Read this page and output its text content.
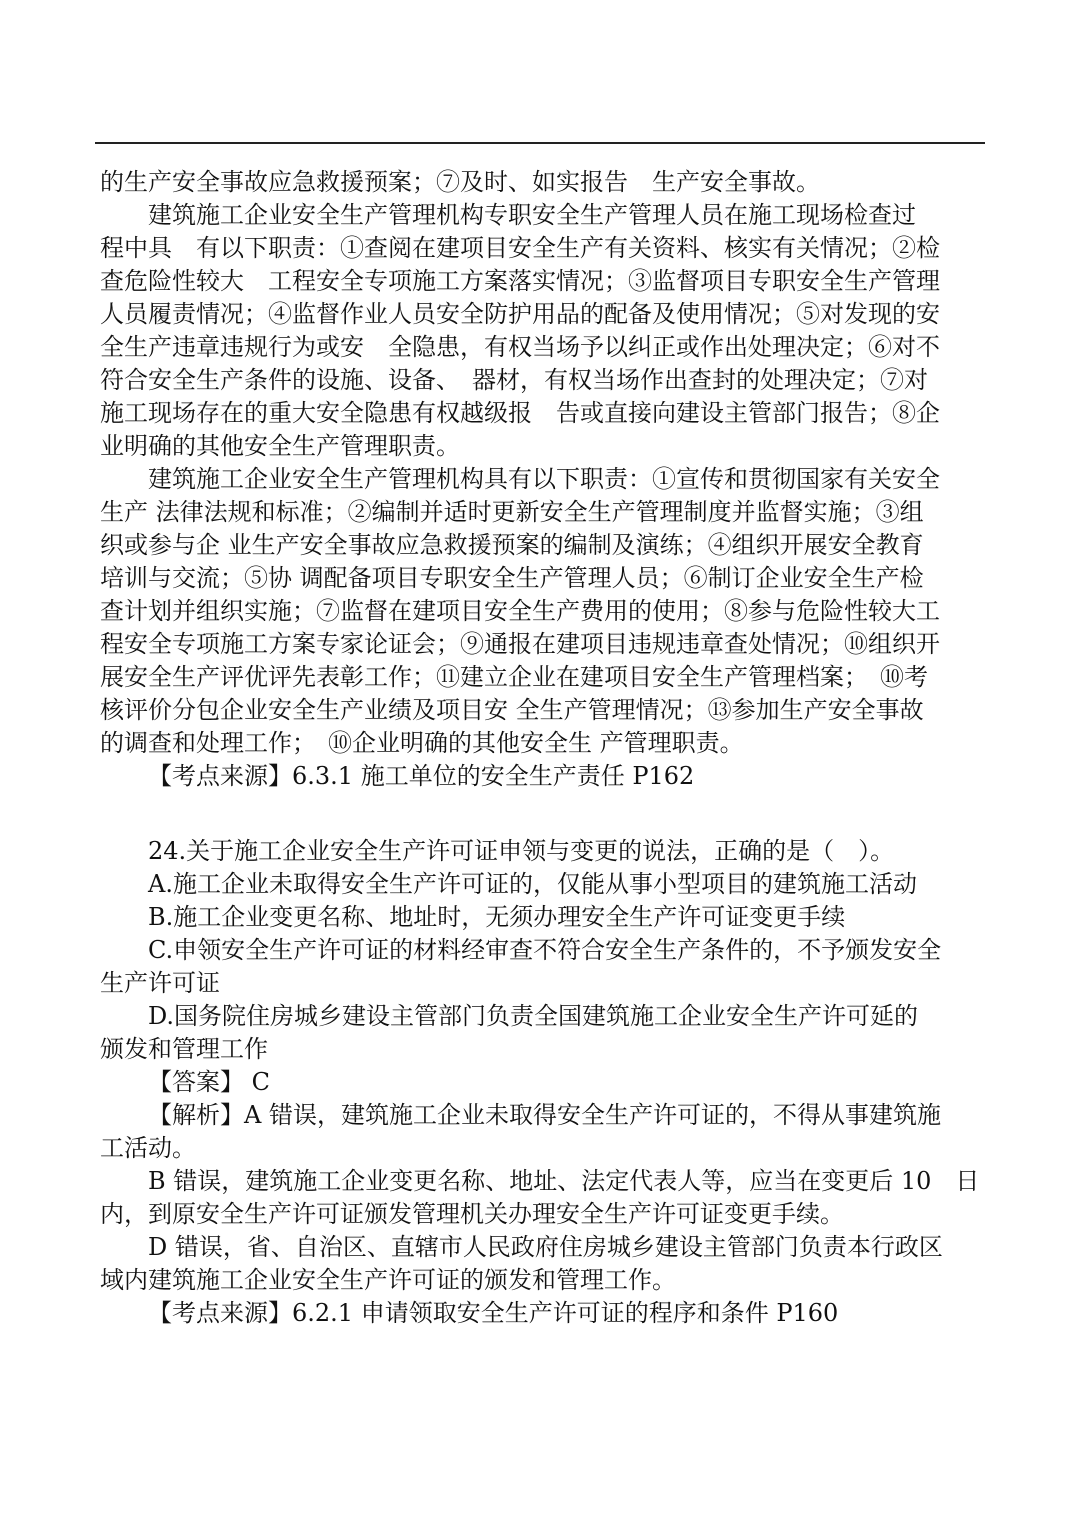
的生产安全事故应急救援预案；⑦及时、如实报告　生产安全事故。
建筑施工企业安全生产管理机构专职安全生产管理人员在施工现场检查过
程中具　有以下职责：①查阅在建项目安全生产有关资料、核实有关情况；②检
查危险性较大　工程安全专项施工方案落实情况；③监督项目专职安全生产管理
人员履责情况；④监督作业人员安全防护用品的配备及使用情况；⑤对发现的安
全生产违章违规行为或安　全隐患，有权当场予以纠正或作出处理决定；⑥对不
符合安全生产条件的设施、设备、　器材，有权当场作出查封的处理决定；⑦对
施工现场存在的重大安全隐患有权越级报　告或直接向建设主管部门报告；⑧企
业明确的其他安全生产管理职责。
建筑施工企业安全生产管理机构具有以下职责：①宣传和贯彻国家有关安全
生产 法律法规和标准；②编制并适时更新安全生产管理制度并监督实施；③组
织或参与企 业生产安全事故应急救援预案的编制及演练；④组织开展安全教育
培训与交流；⑤协 调配备项目专职安全生产管理人员；⑥制订企业安全生产检
查计划并组织实施；⑦监督在建项目安全生产费用的使用；⑧参与危险性较大工
程安全专项施工方案专家论证会；⑨通报在建项目违规违章查处情况；⑩组织开
展安全生产评优评先表彰工作；⑪建立企业在建项目安全生产管理档案；　⑩考
核评价分包企业安全生产业绩及项目安 全生产管理情况；⑬参加生产安全事故
的调查和处理工作；　⑩企业明确的其他安全生 产管理职责。
【考点来源】6.3.1 施工单位的安全生产责任 P162
24.关于施工企业安全生产许可证申领与变更的说法，正确的是（　）。
A.施工企业未取得安全生产许可证的，仅能从事小型项目的建筑施工活动
B.施工企业变更名称、地址时，无须办理安全生产许可证变更手续
C.申领安全生产许可证的材料经审查不符合安全生产条件的，不予颁发安全
生产许可证
D.国务院住房城乡建设主管部门负责全国建筑施工企业安全生产许可延的
颁发和管理工作
【答案】 C
【解析】A 错误，建筑施工企业未取得安全生产许可证的，不得从事建筑施
工活动。
B 错误，建筑施工企业变更名称、地址、法定代表人等，应当在变更后 10　日
内，到原安全生产许可证颁发管理机关办理安全生产许可证变更手续。
D 错误，省、自治区、直辖市人民政府住房城乡建设主管部门负责本行政区
域内建筑施工企业安全生产许可证的颁发和管理工作。
【考点来源】6.2.1 申请领取安全生产许可证的程序和条件 P160
